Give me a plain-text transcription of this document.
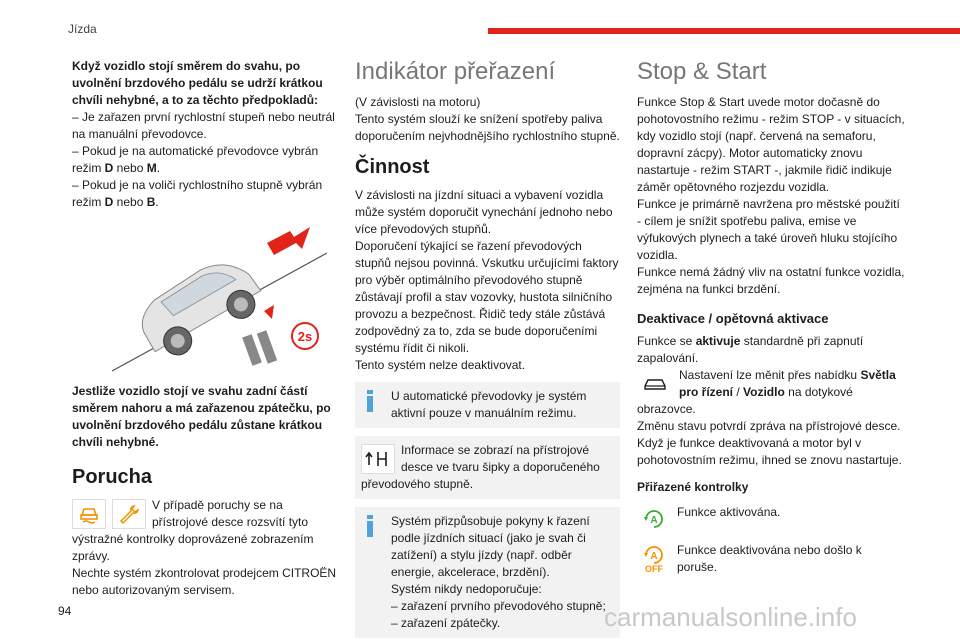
Jízda

Když vozidlo stojí směrem do svahu, po uvolnění brzdového pedálu se udrží krátkou chvíli nehybné, a to za těchto předpokladů:

– Je zařazen první rychlostní stupeň nebo neutrál na manuální převodovce.

– Pokud je na automatické převodovce vybrán režim D nebo M.

– Pokud je na voliči rychlostního stupně vybrán režim D nebo B.

2s

Jestliže vozidlo stojí ve svahu zadní částí směrem nahoru a má zařazenou zpátečku, po uvolnění brzdového pedálu zůstane krátkou chvíli nehybné.

Porucha

V případě poruchy se na přístrojové desce rozsvítí tyto výstražné kontrolky doprovázené zobrazením zprávy.

Nechte systém zkontrolovat prodejcem CITROËN nebo autorizovaným servisem.

Indikátor přeřazení

(V závislosti na motoru)

Tento systém slouží ke snížení spotřeby paliva doporučením nejvhodnějšího rychlostního stupně.

Činnost

V závislosti na jízdní situaci a vybavení vozidla může systém doporučit vynechání jednoho nebo více převodových stupňů.

Doporučení týkající se řazení převodových stupňů nejsou povinná. Vskutku určujícími faktory pro výběr optimálního převodového stupně zůstávají profil a stav vozovky, hustota silničního provozu a bezpečnost. Řidič tedy stále zůstává zodpovědný za to, zda se bude doporučeními systému řídit či nikoli.

Tento systém nelze deaktivovat.

U automatické převodovky je systém aktivní pouze v manuálním režimu.
Informace se zobrazí na přístrojové desce ve tvaru šipky a doporučeného převodového stupně.

Systém přizpůsobuje pokyny k řazení podle jízdních situací (jako je svah či zatížení) a stylu jízdy (např. odběr energie, akcelerace, brzdění).

Systém nikdy nedoporučuje:

– zařazení prvního převodového stupně;

– zařazení zpátečky.

Stop & Start

Funkce Stop & Start uvede motor dočasně do pohotovostního režimu - režim STOP - v situacích, kdy vozidlo stojí (např. červená na semaforu, dopravní zácpy). Motor automaticky znovu nastartuje - režim START -, jakmile řidič indikuje záměr opětovného rozjezdu vozidla.

Funkce je primárně navržena pro městské použití - cílem je snížit spotřebu paliva, emise ve výfukových plynech a také úroveň hluku stojícího vozidla.

Funkce nemá žádný vliv na ostatní funkce vozidla, zejména na funkci brzdění.

Deaktivace / opětovná aktivace

Funkce se aktivuje standardně při zapnutí zapalování.

Nastavení lze měnit přes nabídku Světla pro řízení / Vozidlo na dotykové obrazovce.

Změnu stavu potvrdí zpráva na přístrojové desce.

Když je funkce deaktivovaná a motor byl v pohotovostním režimu, ihned se znovu nastartuje.

Přiřazené kontrolky
A

Funkce aktivována.

A
OFF

Funkce deaktivována nebo došlo k poruše.

94	carmanualsonline.info
